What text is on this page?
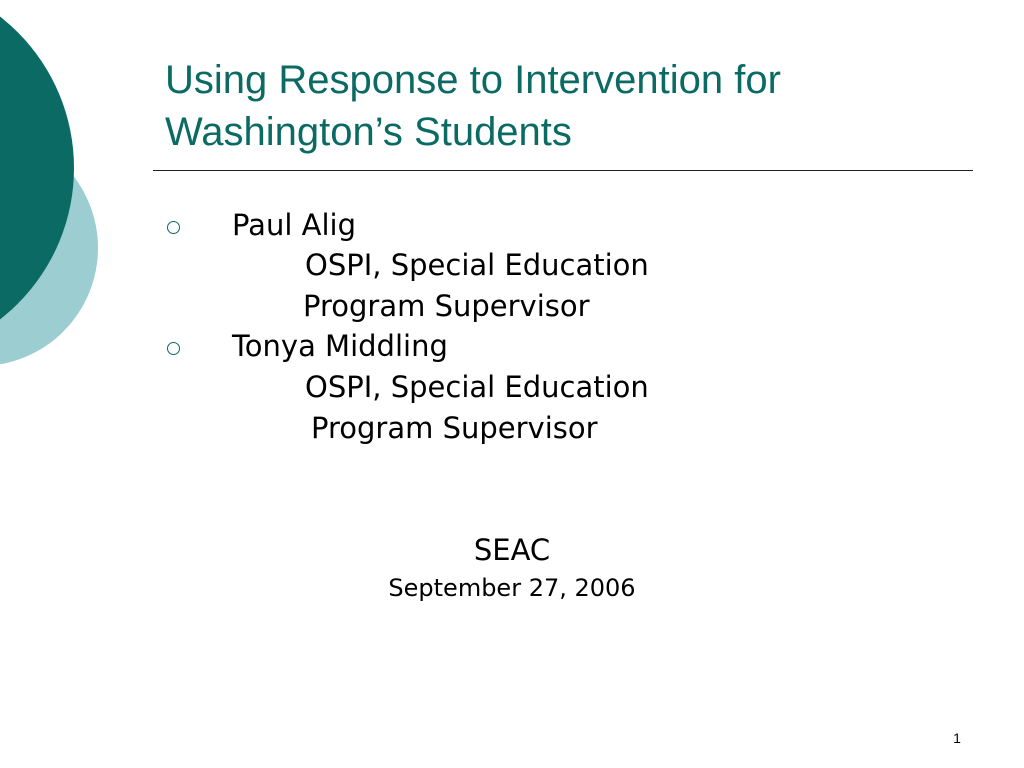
Using Response to Intervention for
Washington’s Students
Paul Alig
OSPI, Special Education
Program Supervisor
Tonya Middling
OSPI, Special Education
Program Supervisor
SEAC
September 27, 2006
1
